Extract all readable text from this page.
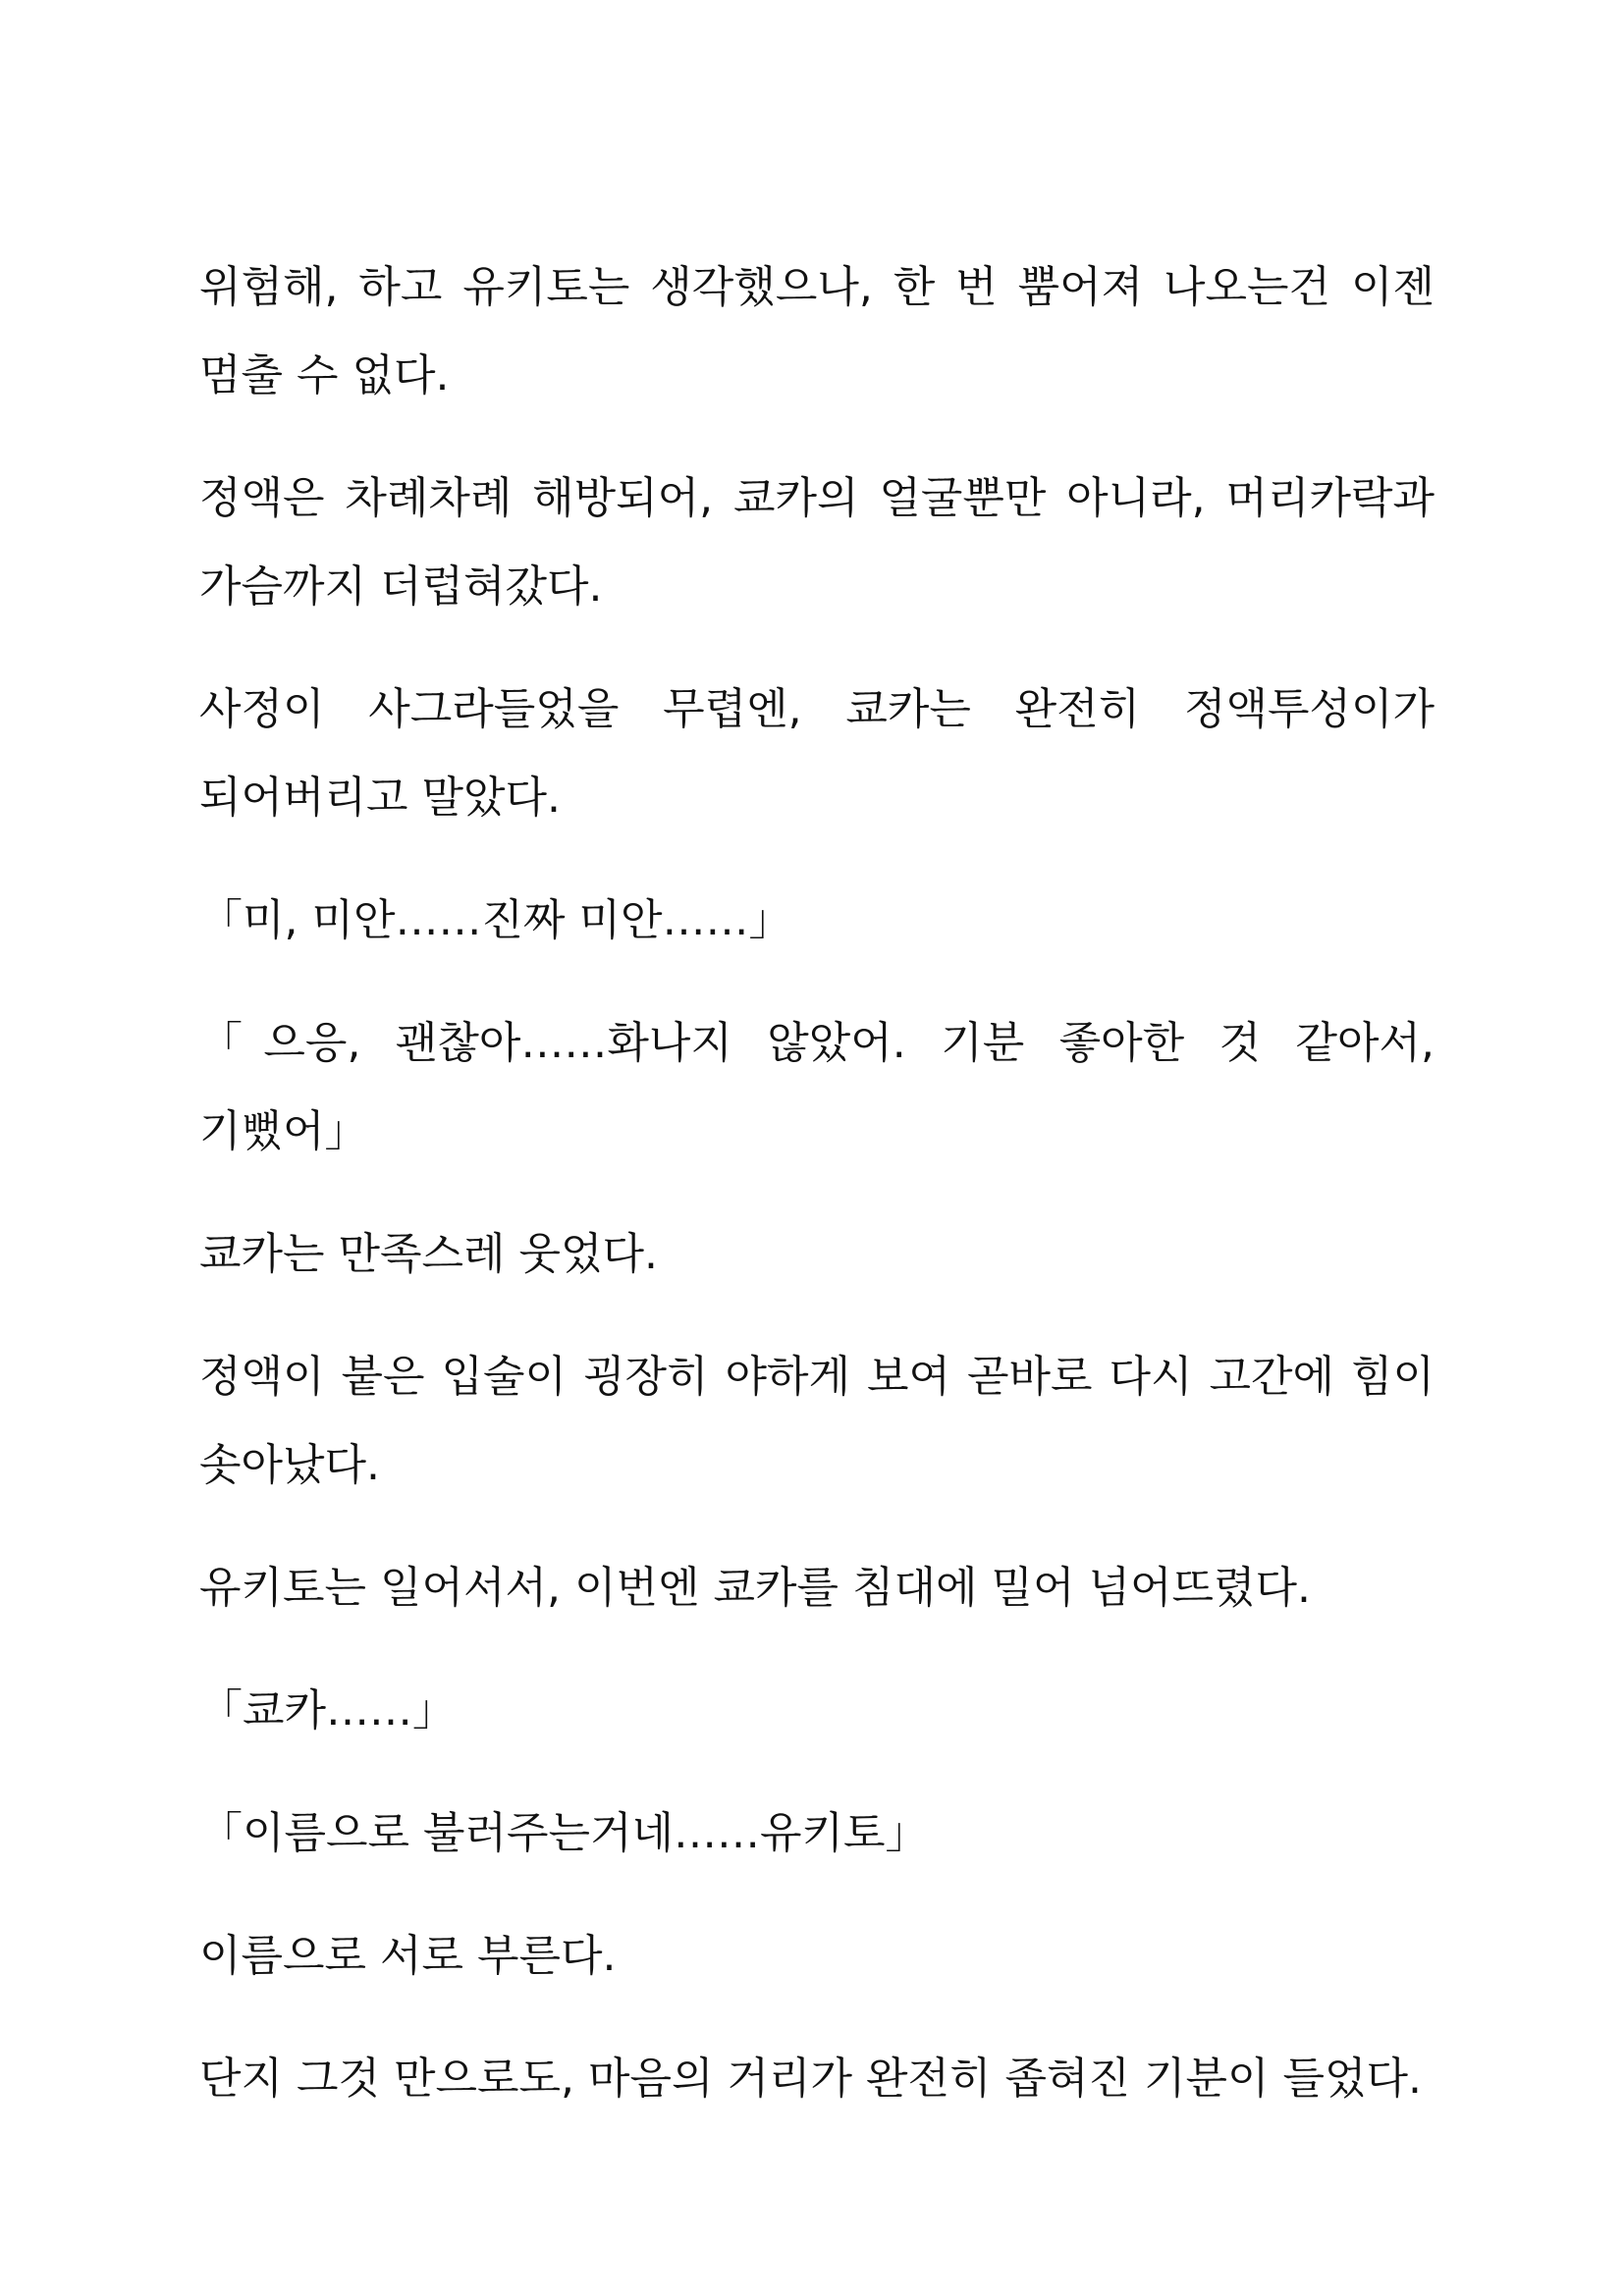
위험해, 하고 유키토는 생각했으나, 한 번 뿜어져 나오는건 이젠 멈출 수 없다.

정액은 차례차례 해방되어, 쿄카의 얼굴뿐만 아니라, 머리카락과 가슴까지 더럽혀갔다.

사정이 사그라들었을 무렵엔, 쿄카는 완전히 정액투성이가 되어버리고 말았다.

「미, 미안……진짜 미안……」

「으응, 괜찮아……화나지 않았어. 기분 좋아한 것 같아서, 기뻤어」

쿄카는 만족스레 웃었다.

정액이 붙은 입술이 굉장히 야하게 보여 곧바로 다시 고간에 힘이 솟아났다.

유키토는 일어서서, 이번엔 쿄카를 침대에 밀어 넘어뜨렸다.

「쿄카……」

「이름으로 불러주는거네……유키토」

이름으로 서로 부른다.

단지 그것 만으로도, 마음의 거리가 완전히 좁혀진 기분이 들었다.
